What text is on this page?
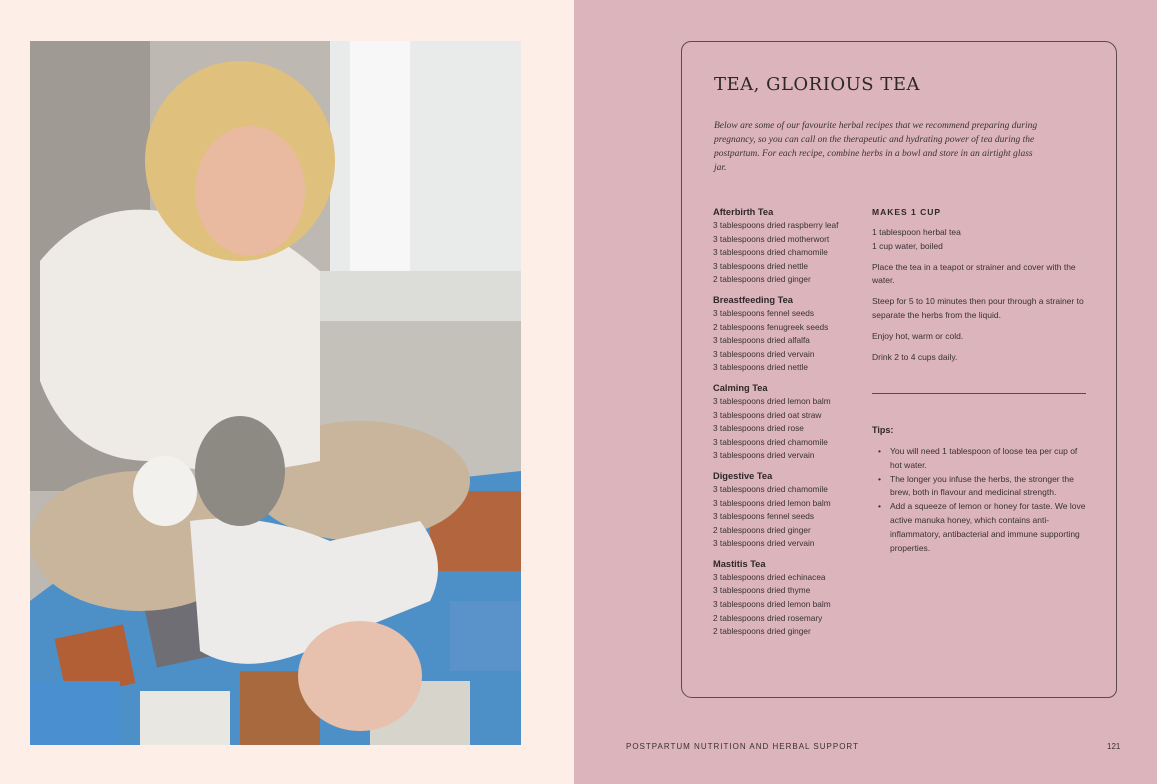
TEA, GLORIOUS TEA

Below are some of our favourite herbal recipes that we recommend preparing during pregnancy, so you can call on the therapeutic and hydrating power of tea during the postpartum. For each recipe, combine herbs in a bowl and store in an airtight glass jar.

Afterbirth Tea
3 tablespoons dried raspberry leaf
3 tablespoons dried motherwort
3 tablespoons dried chamomile
3 tablespoons dried nettle
2 tablespoons dried ginger
Breastfeeding Tea
3 tablespoons fennel seeds
2 tablespoons fenugreek seeds
3 tablespoons dried alfalfa
3 tablespoons dried vervain
3 tablespoons dried nettle
Calming Tea
3 tablespoons dried lemon balm
3 tablespoons dried oat straw
3 tablespoons dried rose
3 tablespoons dried chamomile
3 tablespoons dried vervain
Digestive Tea
3 tablespoons dried chamomile
3 tablespoons dried lemon balm
3 tablespoons fennel seeds
2 tablespoons dried ginger
3 tablespoons dried vervain
Mastitis Tea
3 tablespoons dried echinacea
3 tablespoons dried thyme
3 tablespoons dried lemon balm
2 tablespoons dried rosemary
2 tablespoons dried ginger
MAKES 1 CUP
1 tablespoon herbal tea
1 cup water, boiled

Place the tea in a teapot or strainer and cover with the water.

Steep for 5 to 10 minutes then pour through a strainer to separate the herbs from the liquid.

Enjoy hot, warm or cold.

Drink 2 to 4 cups daily.

Tips:
• You will need 1 tablespoon of loose tea per cup of hot water.
• The longer you infuse the herbs, the stronger the brew, both in flavour and medicinal strength.
• Add a squeeze of lemon or honey for taste. We love active manuka honey, which contains anti-inflammatory, antibacterial and immune supporting properties.
POSTPARTUM NUTRITION AND HERBAL SUPPORT	121
